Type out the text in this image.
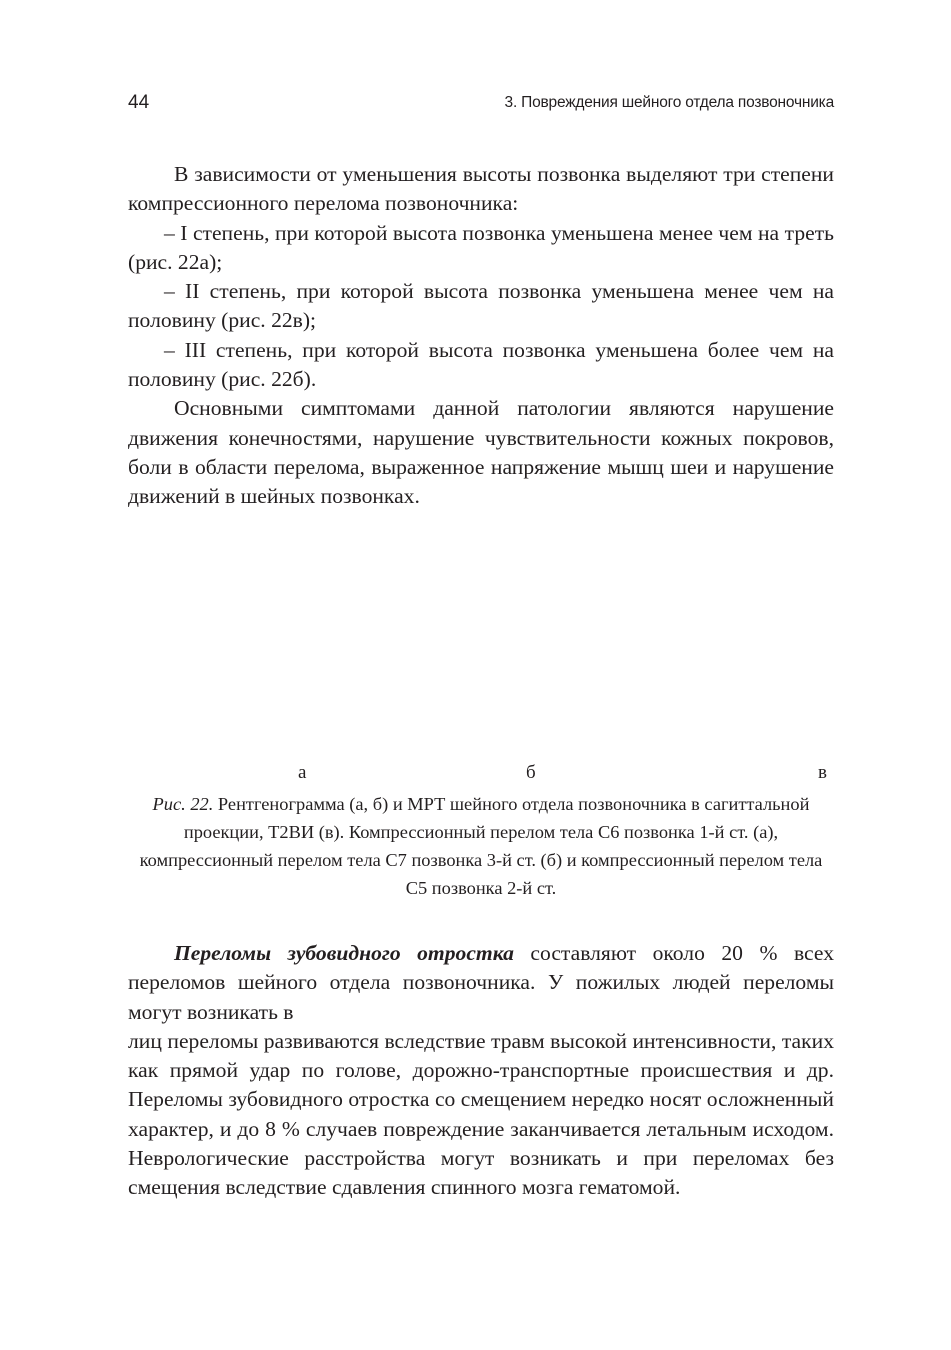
44	3. Повреждения шейного отдела позвоночника

В зависимости от уменьшения высоты позвонка выделяют три степени компрессионного перелома позвоночника:

– I степень, при которой высота позвонка уменьшена менее чем на треть (рис. 22а);

– II степень, при которой высота позвонка уменьшена менее чем на половину (рис. 22в);

– III степень, при которой высота позвонка уменьшена более чем на половину (рис. 22б).

Основными симптомами данной патологии являются нарушение движения конечностями, нарушение чувствительности кожных покровов, боли в области перелома, выраженное напряжение мышц шеи и нарушение движений в шейных позвонках.

а	б	в
Рис. 22. Рентгенограмма (а, б) и МРТ шейного отдела позвоночника в сагиттальной проекции, Т2ВИ (в). Компрессионный перелом тела С6 позвонка 1-й ст. (а), компрессионный перелом тела С7 позвонка 3-й ст. (б) и компрессионный перелом тела С5 позвонка 2-й ст.

Переломы зубовидного отростка составляют около 20 % всех переломов шейного отдела позвоночника. У пожилых людей переломы могут возникать в

лиц переломы развиваются вследствие травм высокой интенсивности, таких как прямой удар по голове, дорожно-транспортные происшествия и др. Переломы зубовидного отростка со смещением нередко носят осложненный характер, и до 8 % случаев повреждение заканчивается летальным исходом. Неврологические расстройства могут возникать и при переломах без смещения вследствие сдавления спинного мозга гематомой.
